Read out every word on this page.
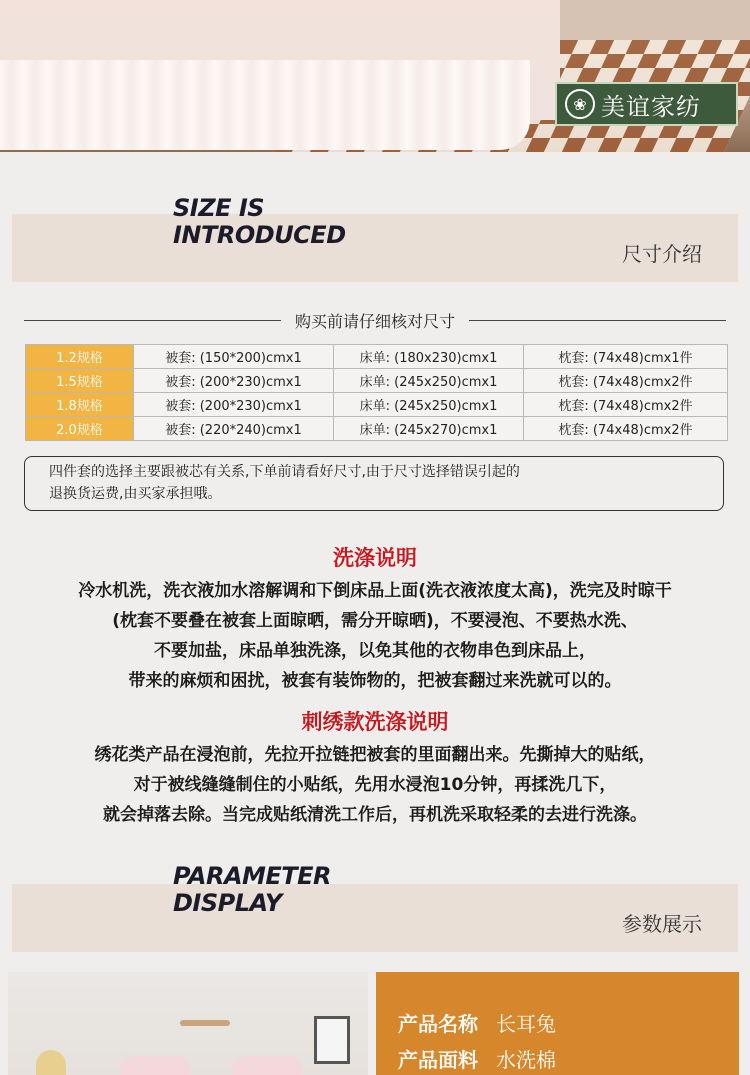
❀ 美谊家纺
SIZE IS
INTRODUCED
尺寸介绍
购买前请仔细核对尺寸
1.2规格	被套: (150*200)cmx1	床单: (180x230)cmx1	枕套: (74x48)cmx1件
1.5规格	被套: (200*230)cmx1	床单: (245x250)cmx1	枕套: (74x48)cmx2件
1.8规格	被套: (200*230)cmx1	床单: (245x250)cmx1	枕套: (74x48)cmx2件
2.0规格	被套: (220*240)cmx1	床单: (245x270)cmx1	枕套: (74x48)cmx2件
四件套的选择主要跟被芯有关系,下单前请看好尺寸,由于尺寸选择错误引起的
退换货运费,由买家承担哦。
洗涤说明
冷水机洗，洗衣液加水溶解调和下倒床品上面(洗衣液浓度太高)，洗完及时晾干
(枕套不要叠在被套上面晾晒，需分开晾晒)，不要浸泡、不要热水洗、
不要加盐，床品单独洗涤，以免其他的衣物串色到床品上，
带来的麻烦和困扰，被套有装饰物的，把被套翻过来洗就可以的。
刺绣款洗涤说明
绣花类产品在浸泡前，先拉开拉链把被套的里面翻出来。先撕掉大的贴纸，
对于被线缝缝制住的小贴纸，先用水浸泡10分钟，再揉洗几下，
就会掉落去除。当完成贴纸清洗工作后，再机洗采取轻柔的去进行洗涤。
PARAMETER
DISPLAY
参数展示
产品名称 长耳兔
产品面料 水洗棉
